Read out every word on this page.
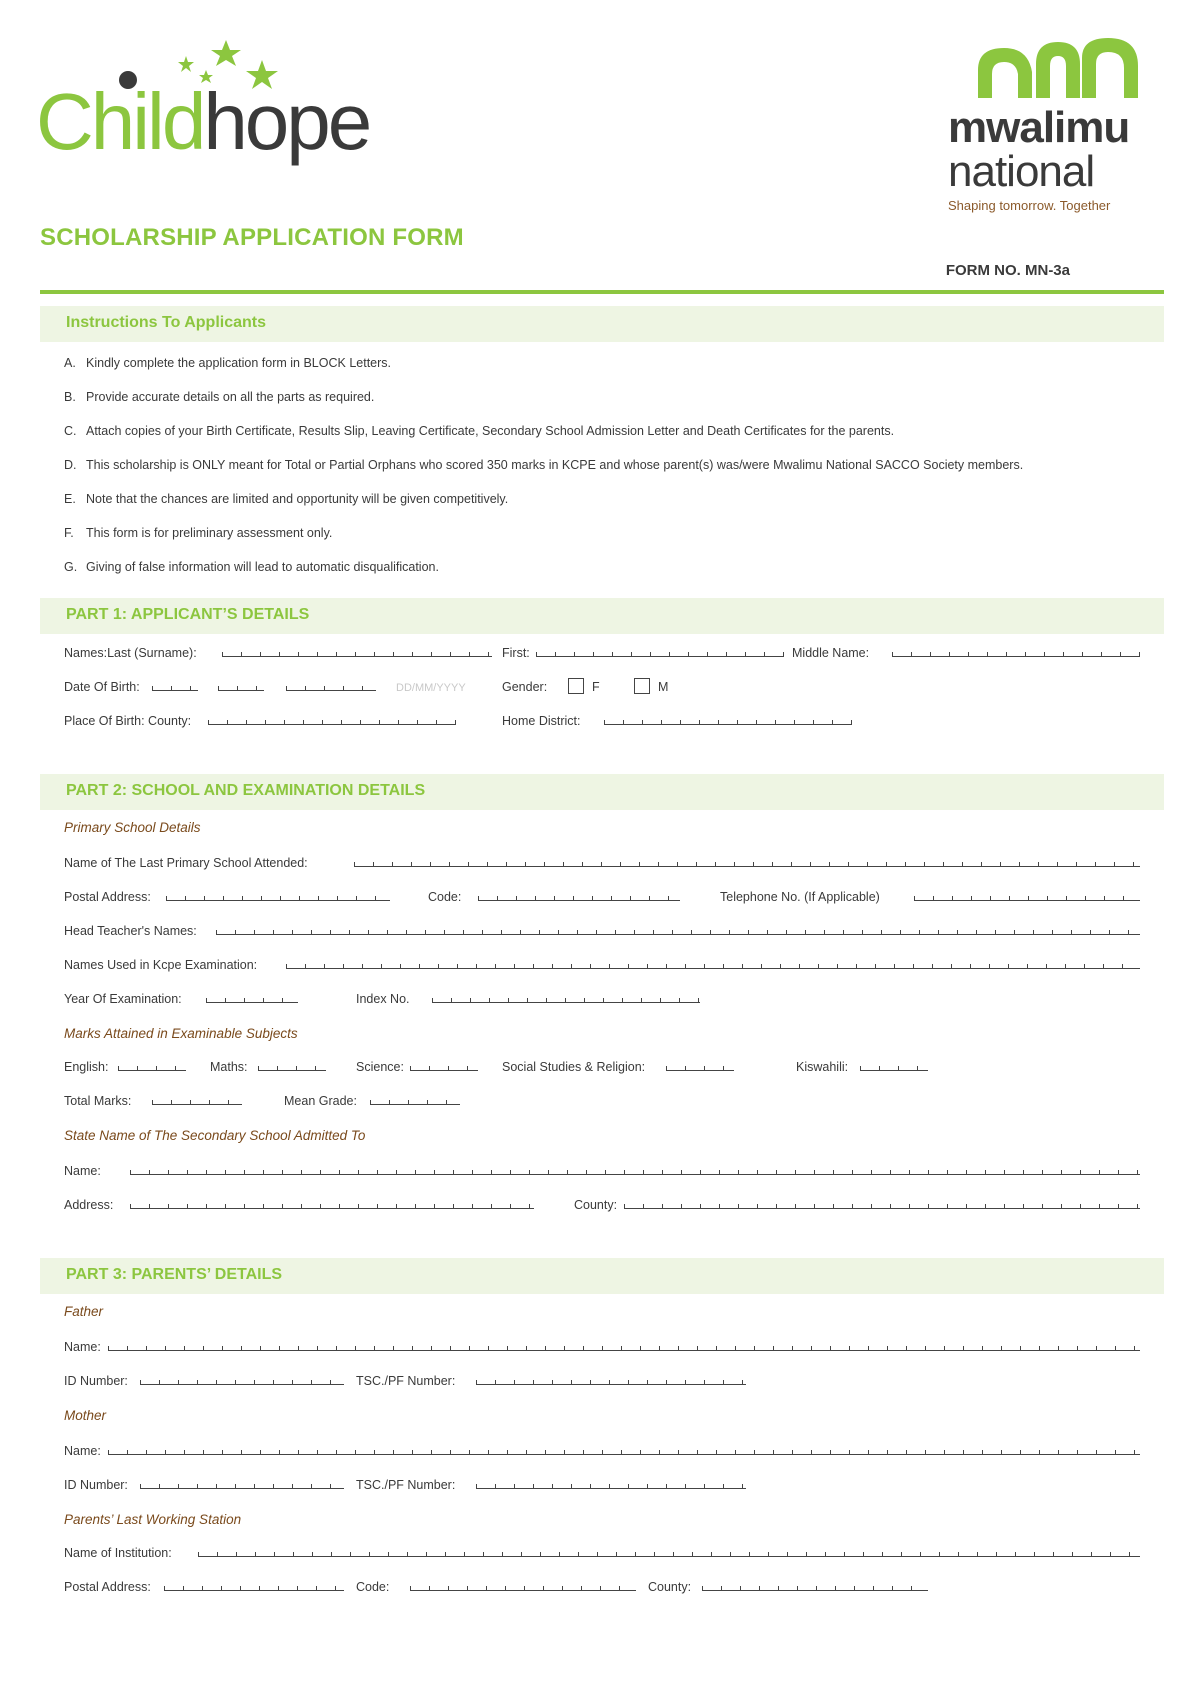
Childhope	mwalimu
national
Shaping tomorrow. Together
SCHOLARSHIP APPLICATION FORM
FORM NO. MN-3a
Instructions To Applicants
A. Kindly complete the application form in BLOCK Letters.
B. Provide accurate details on all the parts as required.
C. Attach copies of your Birth Certificate, Results Slip, Leaving Certificate, Secondary School Admission Letter and Death Certificates for the parents.
D. This scholarship is ONLY meant for Total or Partial Orphans who scored 350 marks in KCPE and whose parent(s) was/were Mwalimu National SACCO Society members.
E. Note that the chances are limited and opportunity will be given competitively.
F. This form is for preliminary assessment only.
G. Giving of false information will lead to automatic disqualification.
PART 1: APPLICANT’S DETAILS
Names:Last (Surname):	First:	Middle Name:
Date Of Birth:	DD/MM/YYYY	Gender:	F	M
Place Of Birth: County:	Home District:
PART 2: SCHOOL AND EXAMINATION DETAILS
Primary School Details
Name of The Last Primary School Attended:
Postal Address:	Code:	Telephone No. (If Applicable)
Head Teacher's Names:
Names Used in Kcpe Examination:
Year Of Examination:	Index No.
Marks Attained in Examinable Subjects
English:	Maths:	Science:	Social Studies & Religion:	Kiswahili:
Total Marks:	Mean Grade:
State Name of The Secondary School Admitted To
Name:
Address:	County:
PART 3: PARENTS’ DETAILS
Father
Name:
ID Number:	TSC./PF Number:
Mother
Name:
ID Number:	TSC./PF Number:
Parents’ Last Working Station
Name of Institution:
Postal Address:	Code:	County:
